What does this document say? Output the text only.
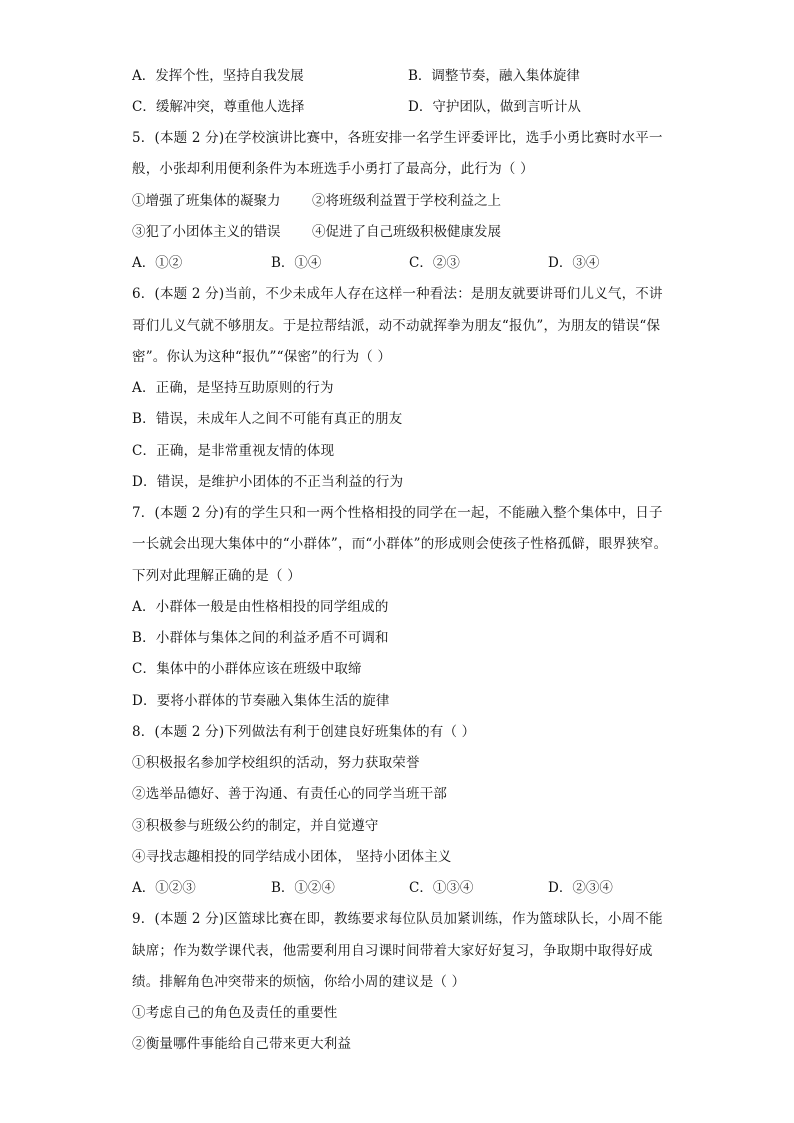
A．发挥个性，坚持自我发展	B．调整节奏，融入集体旋律
C．缓解冲突，尊重他人选择	D．守护团队，做到言听计从
5．(本题 2 分)在学校演讲比赛中，各班安排一名学生评委评比，选手小勇比赛时水平一
般，小张却利用便利条件为本班选手小勇打了最高分，此行为（ ）
①增强了班集体的凝聚力 ②将班级利益置于学校利益之上
③犯了小团体主义的错误 ④促进了自己班级积极健康发展
A．①②	B．①④	C．②③	D．③④
6．(本题 2 分)当前，不少未成年人存在这样一种看法：是朋友就要讲哥们儿义气，不讲
哥们儿义气就不够朋友。于是拉帮结派，动不动就挥拳为朋友“报仇”，为朋友的错误“保
密”。你认为这种“报仇”“保密”的行为（ ）
A．正确，是坚持互助原则的行为
B．错误，未成年人之间不可能有真正的朋友
C．正确，是非常重视友情的体现
D．错误，是维护小团体的不正当利益的行为
7．(本题 2 分)有的学生只和一两个性格相投的同学在一起，不能融入整个集体中，日子
一长就会出现大集体中的“小群体”，而“小群体”的形成则会使孩子性格孤僻，眼界狭窄。
下列对此理解正确的是（ ）
A．小群体一般是由性格相投的同学组成的
B．小群体与集体之间的利益矛盾不可调和
C．集体中的小群体应该在班级中取缔
D．要将小群体的节奏融入集体生活的旋律
8．(本题 2 分)下列做法有利于创建良好班集体的有（ ）
①积极报名参加学校组织的活动，努力获取荣誉
②选举品德好、善于沟通、有责任心的同学当班干部
③积极参与班级公约的制定，并自觉遵守
④寻找志趣相投的同学结成小团体， 坚持小团体主义
A．①②③	B．①②④	C．①③④	D．②③④
9．(本题 2 分)区篮球比赛在即，教练要求每位队员加紧训练，作为篮球队长，小周不能
缺席；作为数学课代表，他需要利用自习课时间带着大家好好复习，争取期中取得好成
绩。排解角色冲突带来的烦恼，你给小周的建议是（ ）
①考虑自己的角色及责任的重要性
②衡量哪件事能给自己带来更大利益
